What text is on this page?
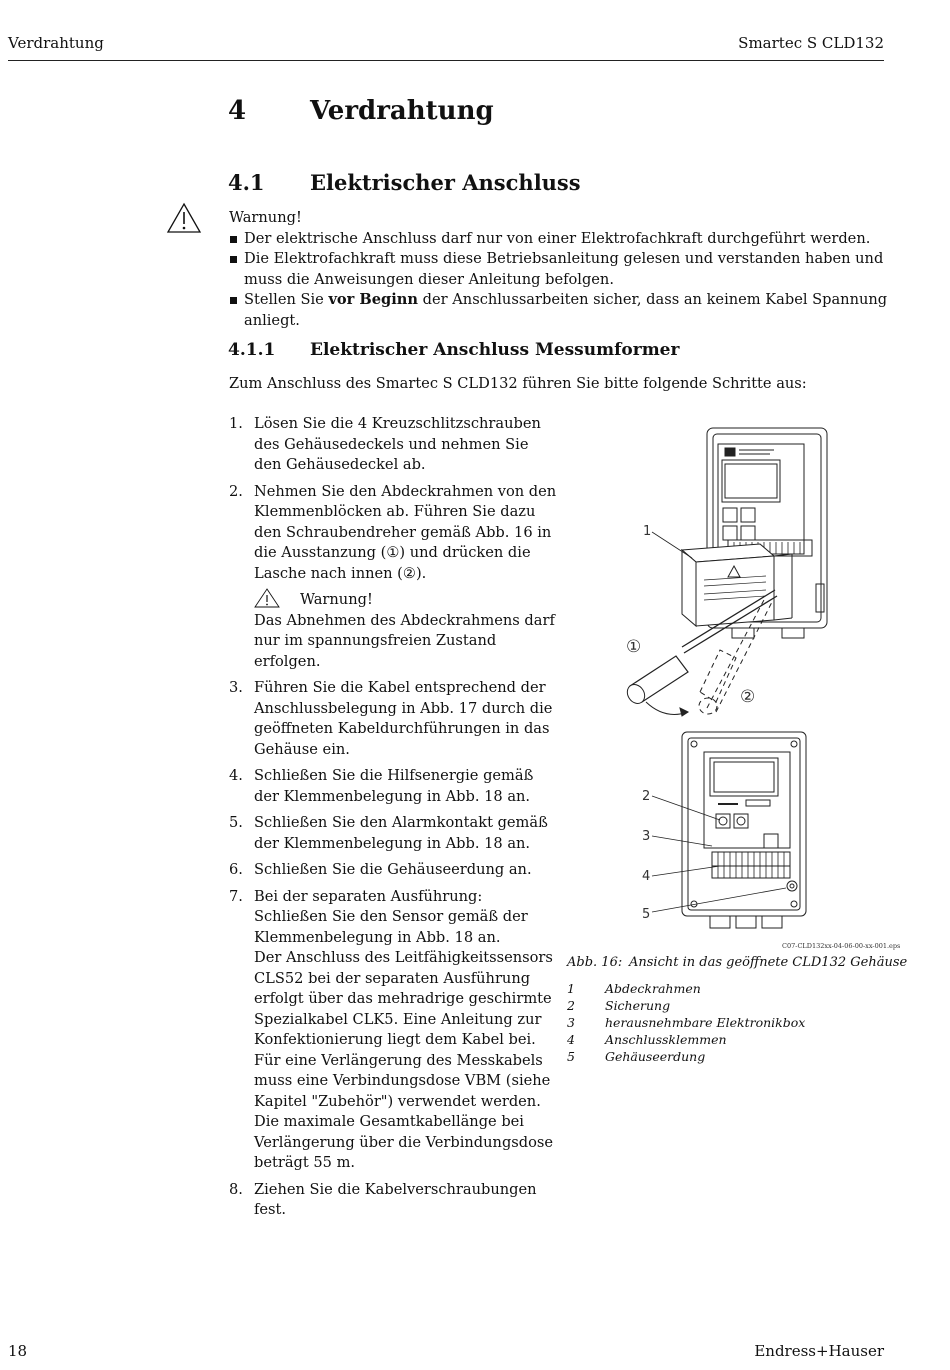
Verdrahtung	Smartec S CLD132
4 Verdrahtung
4.1 Elektrischer Anschluss
Warnung!
Der elektrische Anschluss darf nur von einer Elektrofachkraft durchgeführt werden.
Die Elektrofachkraft muss diese Betriebsanleitung gelesen und verstanden haben und muss die Anweisungen dieser Anleitung befolgen.
Stellen Sie vor Beginn der Anschlussarbeiten sicher, dass an keinem Kabel Spannung anliegt.
4.1.1 Elektrischer Anschluss Messumformer
Zum Anschluss des Smartec S CLD132 führen Sie bitte folgende Schritte aus:
1. Lösen Sie die 4 Kreuzschlitzschrauben des Gehäusedeckels und nehmen Sie den Gehäusedeckel ab.
2. Nehmen Sie den Abdeckrahmen von den Klemmenblöcken ab. Führen Sie dazu den Schraubendreher gemäß Abb. 16 in die Ausstanzung (①) und drücken die Lasche nach innen (②).
Warnung!
Das Abnehmen des Abdeckrahmens darf nur im spannungsfreien Zustand erfolgen.
3. Führen Sie die Kabel entsprechend der Anschlussbelegung in Abb. 17 durch die geöffneten Kabeldurchführungen in das Gehäuse ein.
4. Schließen Sie die Hilfsenergie gemäß der Klemmenbelegung in Abb. 18 an.
5. Schließen Sie den Alarmkontakt gemäß der Klemmenbelegung in Abb. 18 an.
6. Schließen Sie die Gehäuseerdung an.
7. Bei der separaten Ausführung: Schließen Sie den Sensor gemäß der Klemmenbelegung in Abb. 18 an.
Der Anschluss des Leitfähigkeitssensors CLS52 bei der separaten Ausführung erfolgt über das mehradrige geschirmte Spezialkabel CLK5. Eine Anleitung zur Konfektionierung liegt dem Kabel bei.
Für eine Verlängerung des Messkabels muss eine Verbindungsdose VBM (siehe Kapitel "Zubehör") verwendet werden. Die maximale Gesamtkabellänge bei Verlängerung über die Verbindungsdose beträgt 55 m.
8. Ziehen Sie die Kabelverschraubungen fest.
1
①
②
2
3
4
5
C07-CLD132xx-04-06-00-xx-001.eps
Abb. 16: Ansicht in das geöffnete CLD132 Gehäuse
1 Abdeckrahmen
2 Sicherung
3 herausnehmbare Elektronikbox
4 Anschlussklemmen
5 Gehäuseerdung
18	Endress+Hauser
